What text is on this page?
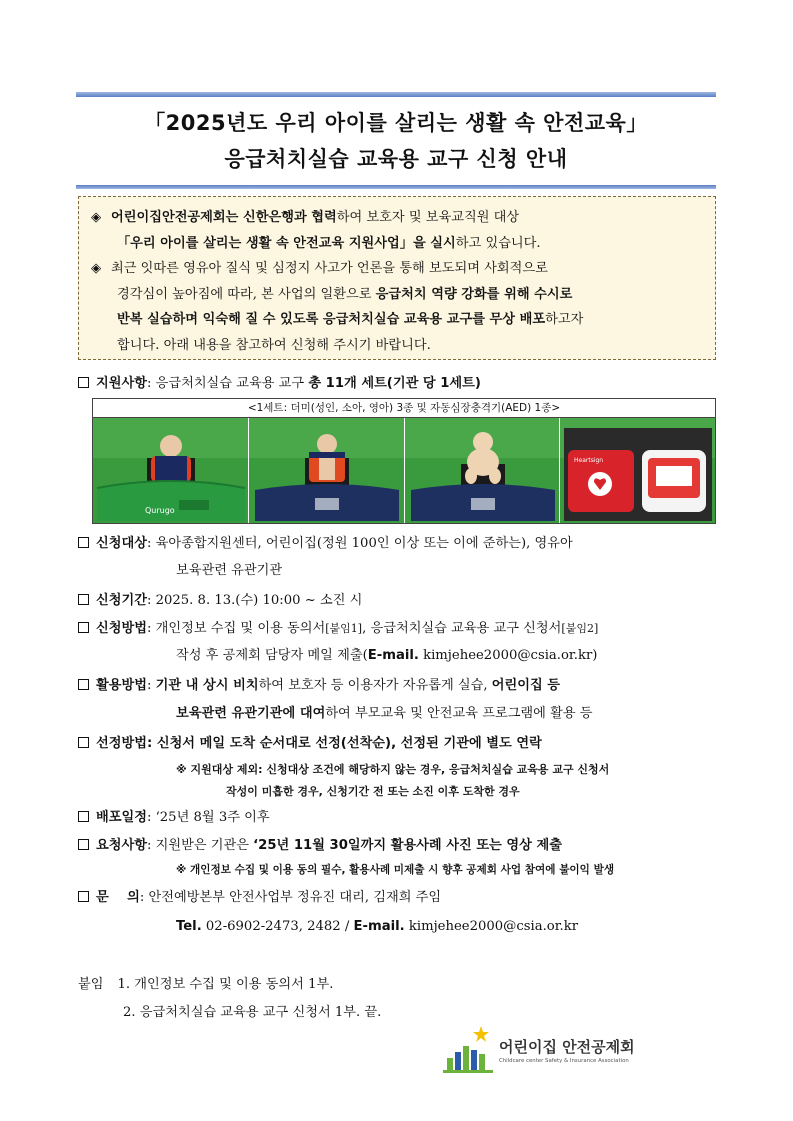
「2025년도 우리 아이를 살리는 생활 속 안전교육」
응급처치실습 교육용 교구 신청 안내

◈ 어린이집안전공제회는 신한은행과 협력하여 보호자 및 보육교직원 대상

「우리 아이를 살리는 생활 속 안전교육 지원사업」을 실시하고 있습니다.

◈ 최근 잇따른 영유아 질식 및 심정지 사고가 언론을 통해 보도되며 사회적으로

경각심이 높아짐에 따라, 본 사업의 일환으로 응급처치 역량 강화를 위해 수시로

반복 실습하며 익숙해 질 수 있도록 응급처치실습 교육용 교구를 무상 배포하고자

합니다. 아래 내용을 참고하여 신청해 주시기 바랍니다.

지원사항: 응급처치실습 교육용 교구 총 11개 세트(기관 당 1세트)
<1세트: 더미(성인, 소아, 영아) 3종 및 자동심장충격기(AED) 1종>
Qurugo
Heartsign
신청대상: 육아종합지원센터, 어린이집(정원 100인 이상 또는 이에 준하는), 영유아
보육관련 유관기관
신청기간: 2025. 8. 13.(수) 10:00 ~ 소진 시
신청방법: 개인정보 수집 및 이용 동의서[붙임1], 응급처치실습 교육용 교구 신청서[붙임2]
작성 후 공제회 담당자 메일 제출(E-mail. kimjehee2000@csia.or.kr)
활용방법: 기관 내 상시 비치하여 보호자 등 이용자가 자유롭게 실습, 어린이집 등
보육관련 유관기관에 대여하여 부모교육 및 안전교육 프로그램에 활용 등
선정방법: 신청서 메일 도착 순서대로 선정(선착순), 선정된 기관에 별도 연락
※ 지원대상 제외: 신청대상 조건에 해당하지 않는 경우, 응급처치실습 교육용 교구 신청서
작성이 미흡한 경우, 신청기간 전 또는 소진 이후 도착한 경우
배포일정: ‘25년 8월 3주 이후
요청사항: 지원받은 기관은 ‘25년 11월 30일까지 활용사례 사진 또는 영상 제출
※ 개인정보 수집 및 이용 동의 필수, 활용사례 미제출 시 향후 공제회 사업 참여에 불이익 발생
문    의: 안전예방본부 안전사업부 정유진 대리, 김재희 주임
Tel. 02-6902-2473, 2482 / E-mail. kimjehee2000@csia.or.kr
붙임 1. 개인정보 수집 및 이용 동의서 1부.
2. 응급처치실습 교육용 교구 신청서 1부. 끝.
어린이집 안전공제회
Childcare center Safety & Insurance Association
